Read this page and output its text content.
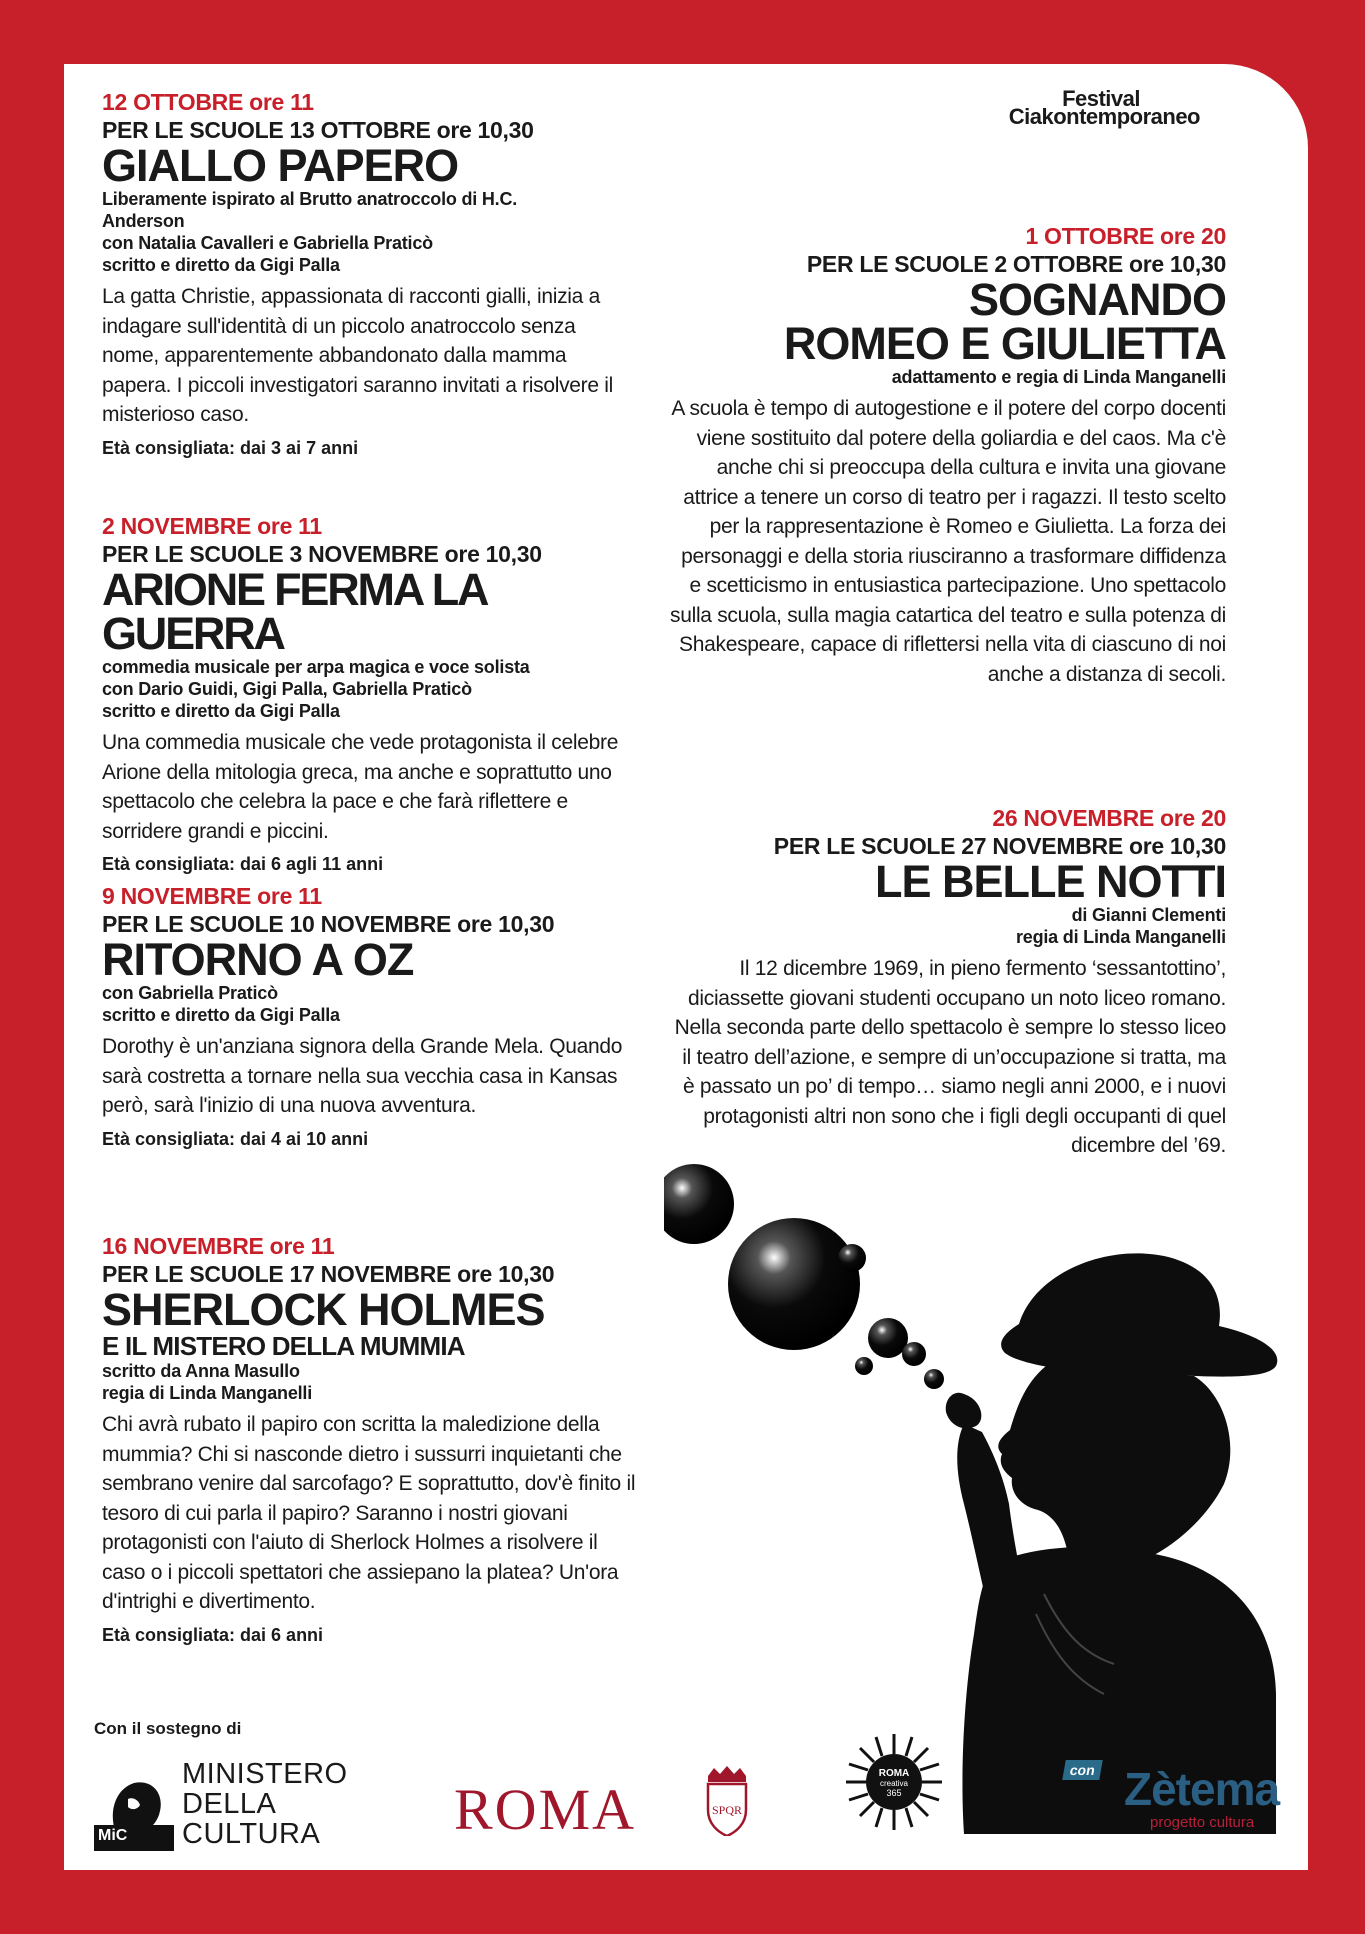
Festival
Ciakontemporaneo
12 OTTOBRE ore 11
PER LE SCUOLE 13 OTTOBRE ore 10,30
GIALLO PAPERO
Liberamente ispirato al Brutto anatroccolo di H.C. Anderson
con Natalia Cavalleri e Gabriella Praticò
scritto e diretto da Gigi Palla
La gatta Christie, appassionata di racconti gialli, inizia a indagare sull'identità di un piccolo anatroccolo senza nome, apparentemente abbandonato dalla mamma papera. I piccoli investigatori saranno invitati a risolvere il misterioso caso.
Età consigliata: dai 3 ai 7 anni
2 NOVEMBRE ore 11
PER LE SCUOLE 3 NOVEMBRE ore 10,30
ARIONE FERMA LA GUERRA
commedia musicale per arpa magica e voce solista
con Dario Guidi, Gigi Palla, Gabriella Praticò
scritto e diretto da Gigi Palla
Una commedia musicale che vede protagonista il celebre Arione della mitologia greca, ma anche e soprattutto uno spettacolo che celebra la pace e che farà riflettere e sorridere grandi e piccini.
Età consigliata: dai 6 agli 11 anni
9 NOVEMBRE ore 11
PER LE SCUOLE 10 NOVEMBRE ore 10,30
RITORNO A OZ
con Gabriella Praticò
scritto e diretto da Gigi Palla
Dorothy è un'anziana signora della Grande Mela. Quando sarà costretta a tornare nella sua vecchia casa in Kansas però, sarà l'inizio di una nuova avventura.
Età consigliata: dai 4 ai 10 anni
16 NOVEMBRE ore 11
PER LE SCUOLE 17 NOVEMBRE ore 10,30
SHERLOCK HOLMES
E IL MISTERO DELLA MUMMIA
scritto da Anna Masullo
regia di Linda Manganelli
Chi avrà rubato il papiro con scritta la maledizione della mummia? Chi si nasconde dietro i sussurri inquietanti che sembrano venire dal sarcofago? E soprattutto, dov'è finito il tesoro di cui parla il papiro? Saranno i nostri giovani protagonisti con l'aiuto di Sherlock Holmes a risolvere il caso o i piccoli spettatori che assiepano la platea? Un'ora d'intrighi e divertimento.
Età consigliata: dai 6 anni
1 OTTOBRE ore 20
PER LE SCUOLE 2 OTTOBRE ore 10,30
SOGNANDO
ROMEO E GIULIETTA
adattamento e regia di Linda Manganelli
A scuola è tempo di autogestione e il potere del corpo docenti viene sostituito dal potere della goliardia e del caos. Ma c'è anche chi si preoccupa della cultura e invita una giovane attrice a tenere un corso di teatro per i ragazzi. Il testo scelto per la rappresentazione è Romeo e Giulietta. La forza dei personaggi e della storia riusciranno a trasformare diffidenza e scetticismo in entusiastica partecipazione. Uno spettacolo sulla scuola, sulla magia catartica del teatro e sulla potenza di Shakespeare, capace di riflettersi nella vita di ciascuno di noi anche a distanza di secoli.
26 NOVEMBRE ore 20
PER LE SCUOLE 27 NOVEMBRE ore 10,30
LE BELLE NOTTI
di Gianni Clementi
regia di Linda Manganelli
Il 12 dicembre 1969, in pieno fermento ‘sessantottino’, diciassette giovani studenti occupano un noto liceo romano. Nella seconda parte dello spettacolo è sempre lo stesso liceo il teatro dell’azione, e sempre di un’occupazione si tratta, ma è passato un po’ di tempo… siamo negli anni 2000, e i nuovi protagonisti altri non sono che i figli degli occupanti di quel dicembre del ’69.
Con il sostegno di
MiC
MINISTERO
DELLA
CULTURA	ROMA	SPQR
ROMA
creativa
365
con Zètema
progetto cultura
